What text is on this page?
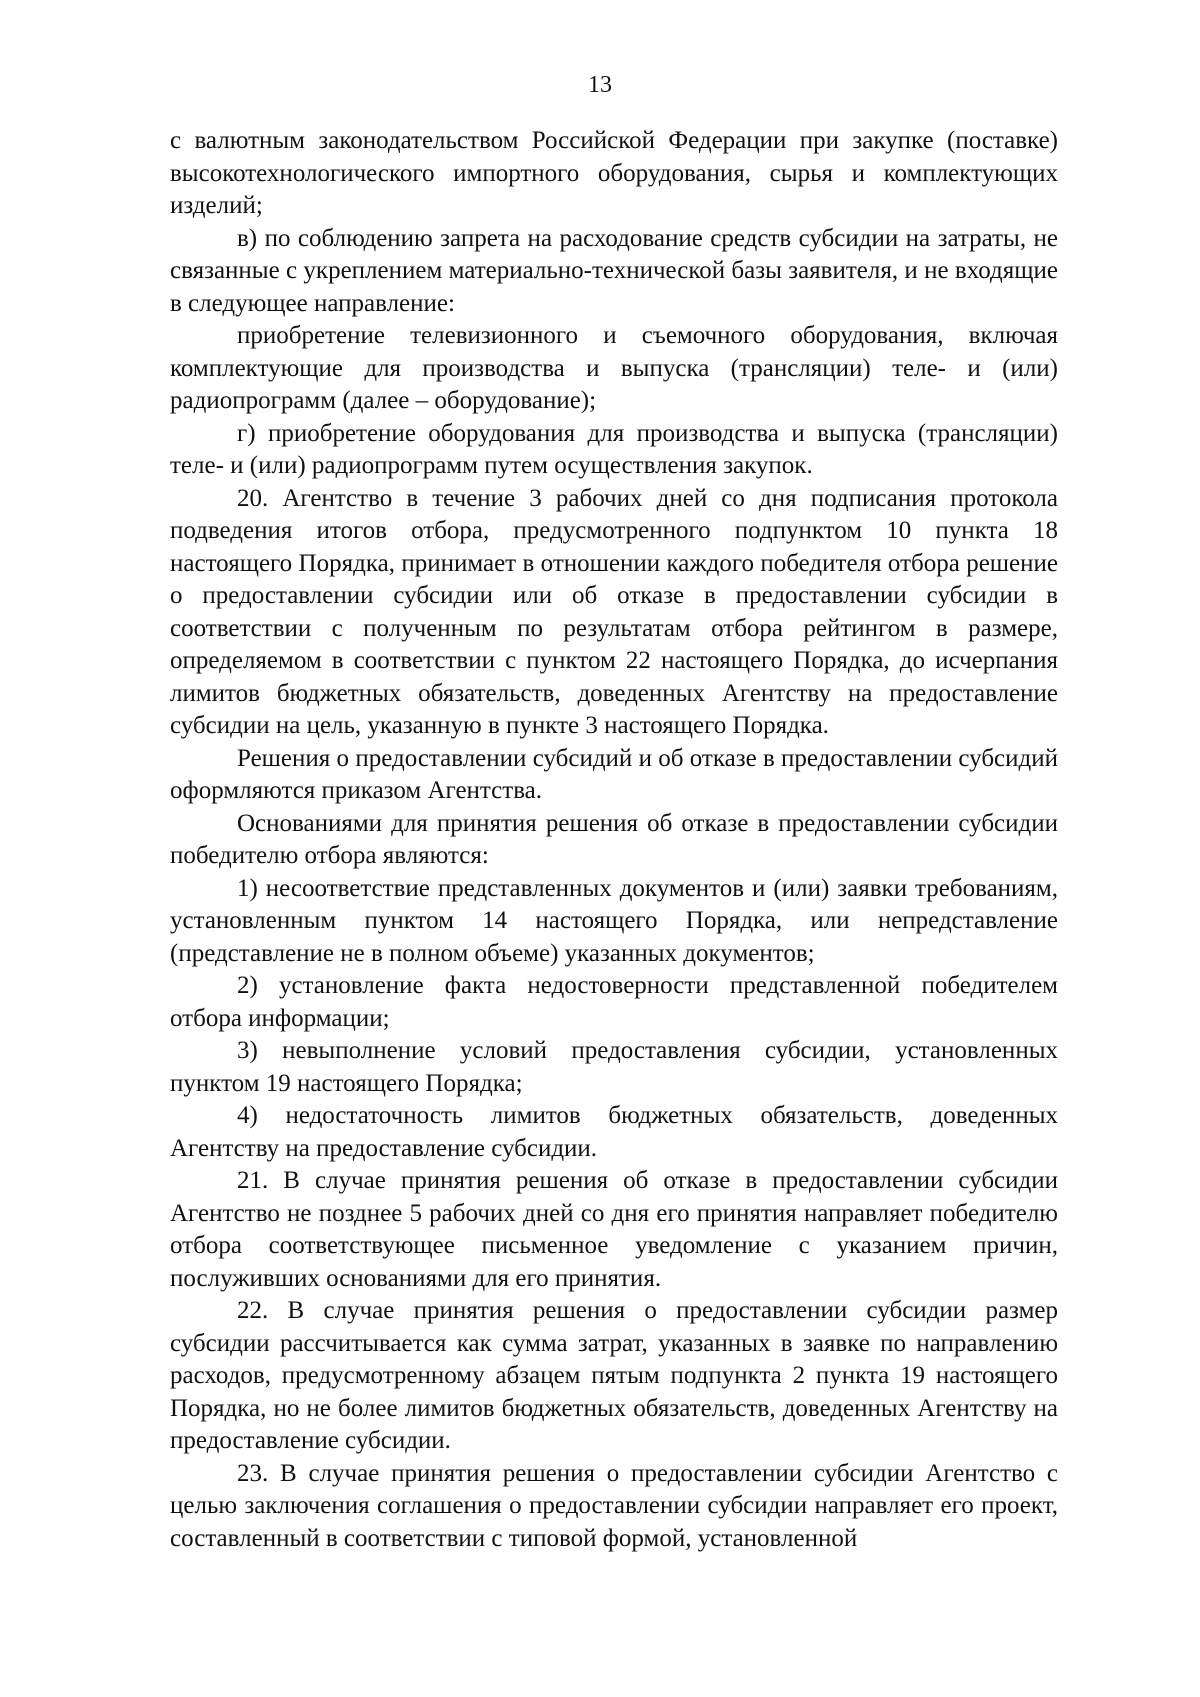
13

с валютным законодательством Российской Федерации при закупке (поставке) высокотехнологического импортного оборудования, сырья и комплектующих изделий;

в) по соблюдению запрета на расходование средств субсидии на затраты, не связанные с укреплением материально-технической базы заявителя, и не входящие в следующее направление:

приобретение телевизионного и съемочного оборудования, включая комплектующие для производства и выпуска (трансляции) теле- и (или) радиопрограмм (далее – оборудование);

г) приобретение оборудования для производства и выпуска (трансляции) теле- и (или) радиопрограмм путем осуществления закупок.

20. Агентство в течение 3 рабочих дней со дня подписания протокола подведения итогов отбора, предусмотренного подпунктом 10 пункта 18 настоящего Порядка, принимает в отношении каждого победителя отбора решение о предоставлении субсидии или об отказе в предоставлении субсидии в соответствии с полученным по результатам отбора рейтингом в размере, определяемом в соответствии с пунктом 22 настоящего Порядка, до исчерпания лимитов бюджетных обязательств, доведенных Агентству на предоставление субсидии на цель, указанную в пункте 3 настоящего Порядка.

Решения о предоставлении субсидий и об отказе в предоставлении субсидий оформляются приказом Агентства.

Основаниями для принятия решения об отказе в предоставлении субсидии победителю отбора являются:

1) несоответствие представленных документов и (или) заявки требованиям, установленным пунктом 14 настоящего Порядка, или непредставление (представление не в полном объеме) указанных документов;

2) установление факта недостоверности представленной победителем отбора информации;

3) невыполнение условий предоставления субсидии, установленных пунктом 19 настоящего Порядка;

4) недостаточность лимитов бюджетных обязательств, доведенных Агентству на предоставление субсидии.

21. В случае принятия решения об отказе в предоставлении субсидии Агентство не позднее 5 рабочих дней со дня его принятия направляет победителю отбора соответствующее письменное уведомление с указанием причин, послуживших основаниями для его принятия.

22. В случае принятия решения о предоставлении субсидии размер субсидии рассчитывается как сумма затрат, указанных в заявке по направлению расходов, предусмотренному абзацем пятым подпункта 2 пункта 19 настоящего Порядка, но не более лимитов бюджетных обязательств, доведенных Агентству на предоставление субсидии.

23. В случае принятия решения о предоставлении субсидии Агентство с целью заключения соглашения о предоставлении субсидии направляет его проект, составленный в соответствии с типовой формой, установленной
